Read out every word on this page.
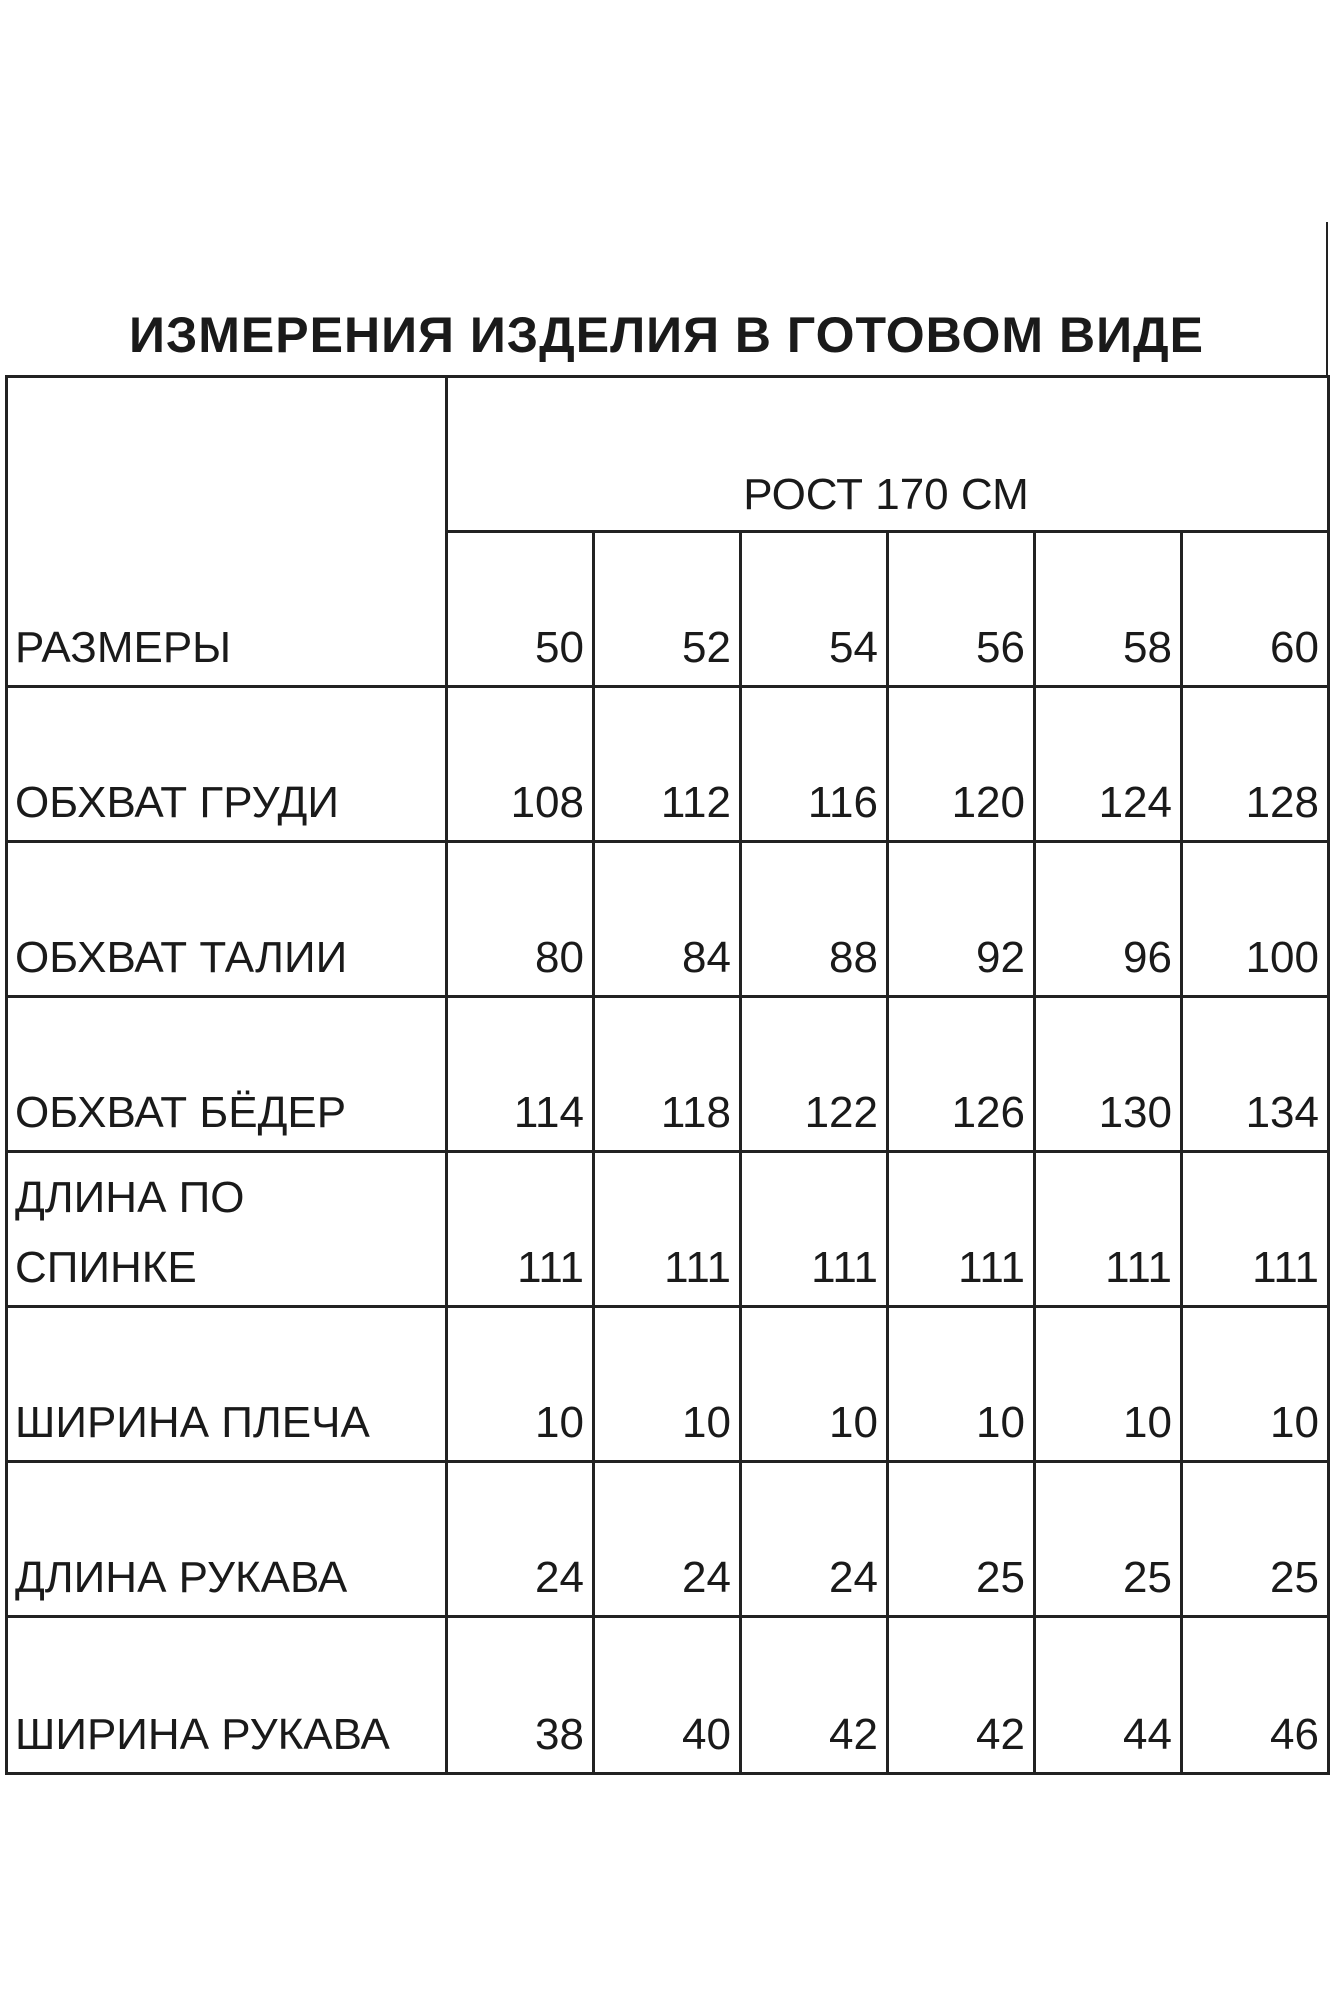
ИЗМЕРЕНИЯ ИЗДЕЛИЯ В ГОТОВОМ ВИДЕ
РОСТ 170 СМ
РАЗМЕРЫ	50	52	54	56	58	60
ОБХВАТ ГРУДИ	108	112	116	120	124	128
ОБХВАТ ТАЛИИ	80	84	88	92	96	100
ОБХВАТ БЁДЕР	114	118	122	126	130	134
ДЛИНА ПО
СПИНКЕ	111	111	111	111	111	111
ШИРИНА ПЛЕЧА	10	10	10	10	10	10
ДЛИНА РУКАВА	24	24	24	25	25	25
ШИРИНА РУКАВА	38	40	42	42	44	46
